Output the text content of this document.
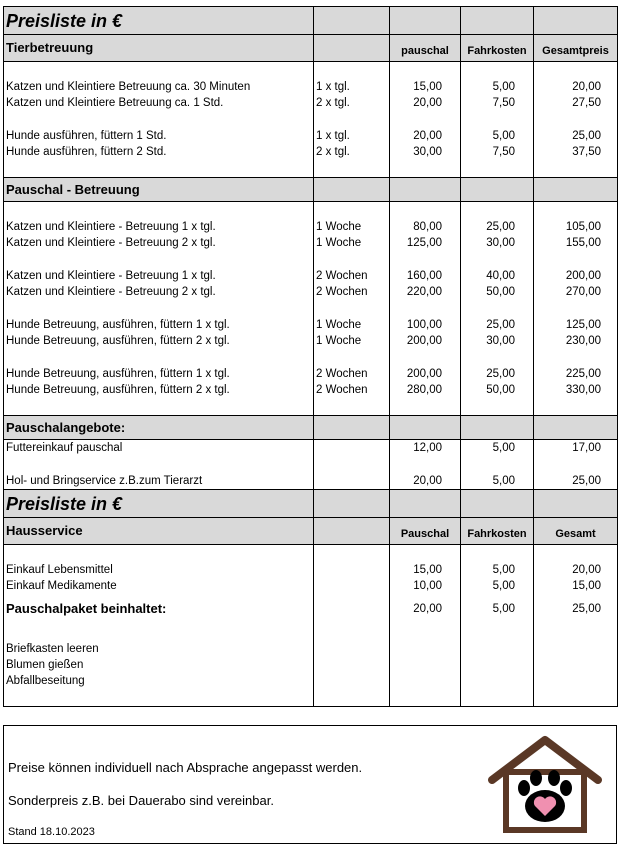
Preisliste in €				
Tierbetreuung		pauschal	Fahrkosten	Gesamtpreis

Katzen und Kleintiere Betreuung ca. 30 Minuten	1 x tgl.	15,00	5,00	20,00
Katzen und Kleintiere Betreuung ca. 1 Std.	2 x tgl.	20,00	7,50	27,50

Hunde ausführen, füttern 1 Std.	1 x tgl.	20,00	5,00	25,00
Hunde ausführen, füttern 2 Std.	2 x tgl.	30,00	7,50	37,50

Pauschal - Betreuung				

Katzen und Kleintiere - Betreuung 1 x tgl.	1 Woche	80,00	25,00	105,00
Katzen und Kleintiere - Betreuung 2 x tgl.	1 Woche	125,00	30,00	155,00

Katzen und Kleintiere - Betreuung 1 x tgl.	2 Wochen	160,00	40,00	200,00
Katzen und Kleintiere - Betreuung 2 x tgl.	2 Wochen	220,00	50,00	270,00

Hunde Betreuung, ausführen, füttern 1 x tgl.	1 Woche	100,00	25,00	125,00
Hunde Betreuung, ausführen, füttern 2 x tgl.	1 Woche	200,00	30,00	230,00

Hunde Betreuung, ausführen, füttern 1 x tgl.	2 Wochen	200,00	25,00	225,00
Hunde Betreuung, ausführen, füttern 2 x tgl.	2 Wochen	280,00	50,00	330,00

Pauschalangebote:				
Futtereinkauf pauschal		12,00	5,00	17,00

Hol- und Bringservice z.B.zum Tierarzt		20,00	5,00	25,00
Preisliste in €				
Hausservice		Pauschal	Fahrkosten	Gesamt

Einkauf Lebensmittel		15,00	5,00	20,00
Einkauf Medikamente		10,00	5,00	15,00
Pauschalpaket beinhaltet:		20,00	5,00	25,00

Briefkasten leeren				
Blumen gießen				
Abfallbeseitung				

Preise können individuell nach Absprache angepasst werden.

Sonderpreis z.B. bei Dauerabo sind vereinbar.

Stand 18.10.2023
